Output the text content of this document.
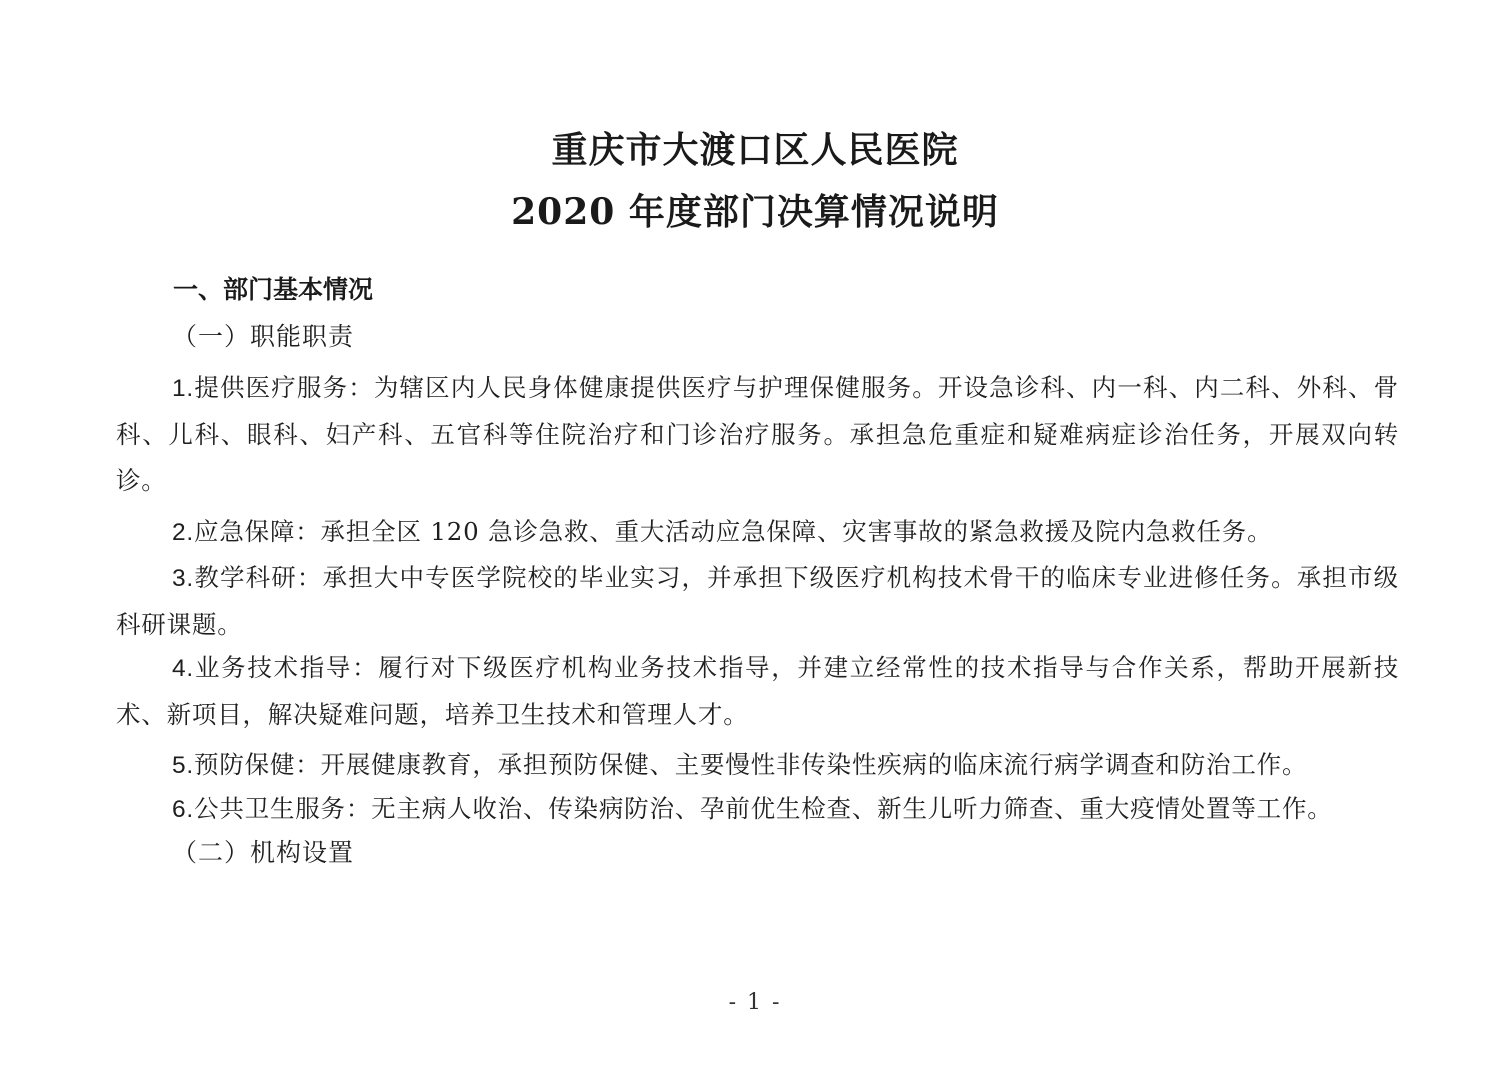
重庆市大渡口区人民医院
2020 年度部门决算情况说明
一、部门基本情况
（一）职能职责

1.提供医疗服务：为辖区内人民身体健康提供医疗与护理保健服务。开设急诊科、内一科、内二科、外科、骨科、儿科、眼科、妇产科、五官科等住院治疗和门诊治疗服务。承担急危重症和疑难病症诊治任务，开展双向转诊。

2.应急保障：承担全区 120 急诊急救、重大活动应急保障、灾害事故的紧急救援及院内急救任务。

3.教学科研：承担大中专医学院校的毕业实习，并承担下级医疗机构技术骨干的临床专业进修任务。承担市级科研课题。

4.业务技术指导：履行对下级医疗机构业务技术指导，并建立经常性的技术指导与合作关系，帮助开展新技术、新项目，解决疑难问题，培养卫生技术和管理人才。

5.预防保健：开展健康教育，承担预防保健、主要慢性非传染性疾病的临床流行病学调查和防治工作。

6.公共卫生服务：无主病人收治、传染病防治、孕前优生检查、新生儿听力筛查、重大疫情处置等工作。

（二）机构设置
- 1 -
